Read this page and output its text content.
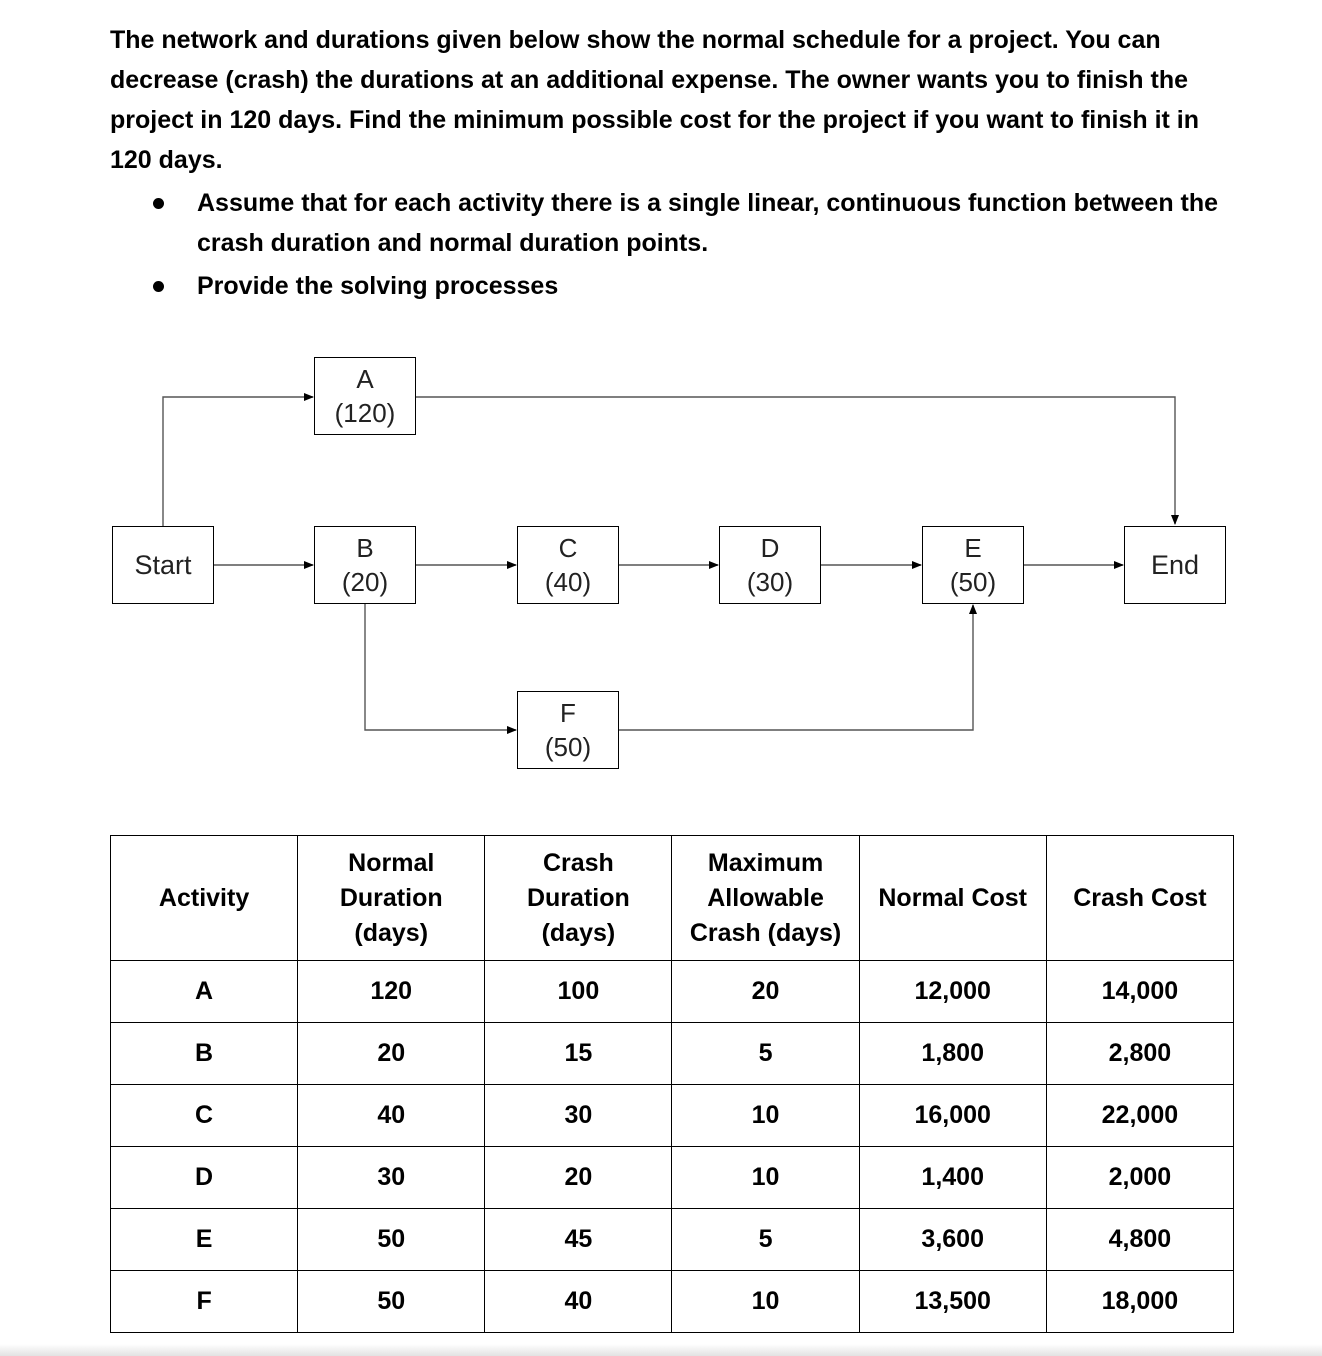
The network and durations given below show the normal schedule for a project. You can decrease (crash) the durations at an additional expense. The owner wants you to finish the project in 120 days. Find the minimum possible cost for the project if you want to finish it in 120 days.

Assume that for each activity there is a single linear, continuous function between the crash duration and normal duration points.
Provide the solving processes
Start
A
(120)
B
(20)
C
(40)
D
(30)
E
(50)
F
(50)
End
Activity	Normal
Duration
(days)	Crash
Duration
(days)	Maximum
Allowable
Crash (days)	Normal Cost	Crash Cost
A	120	100	20	12,000	14,000
B	20	15	5	1,800	2,800
C	40	30	10	16,000	22,000
D	30	20	10	1,400	2,000
E	50	45	5	3,600	4,800
F	50	40	10	13,500	18,000
